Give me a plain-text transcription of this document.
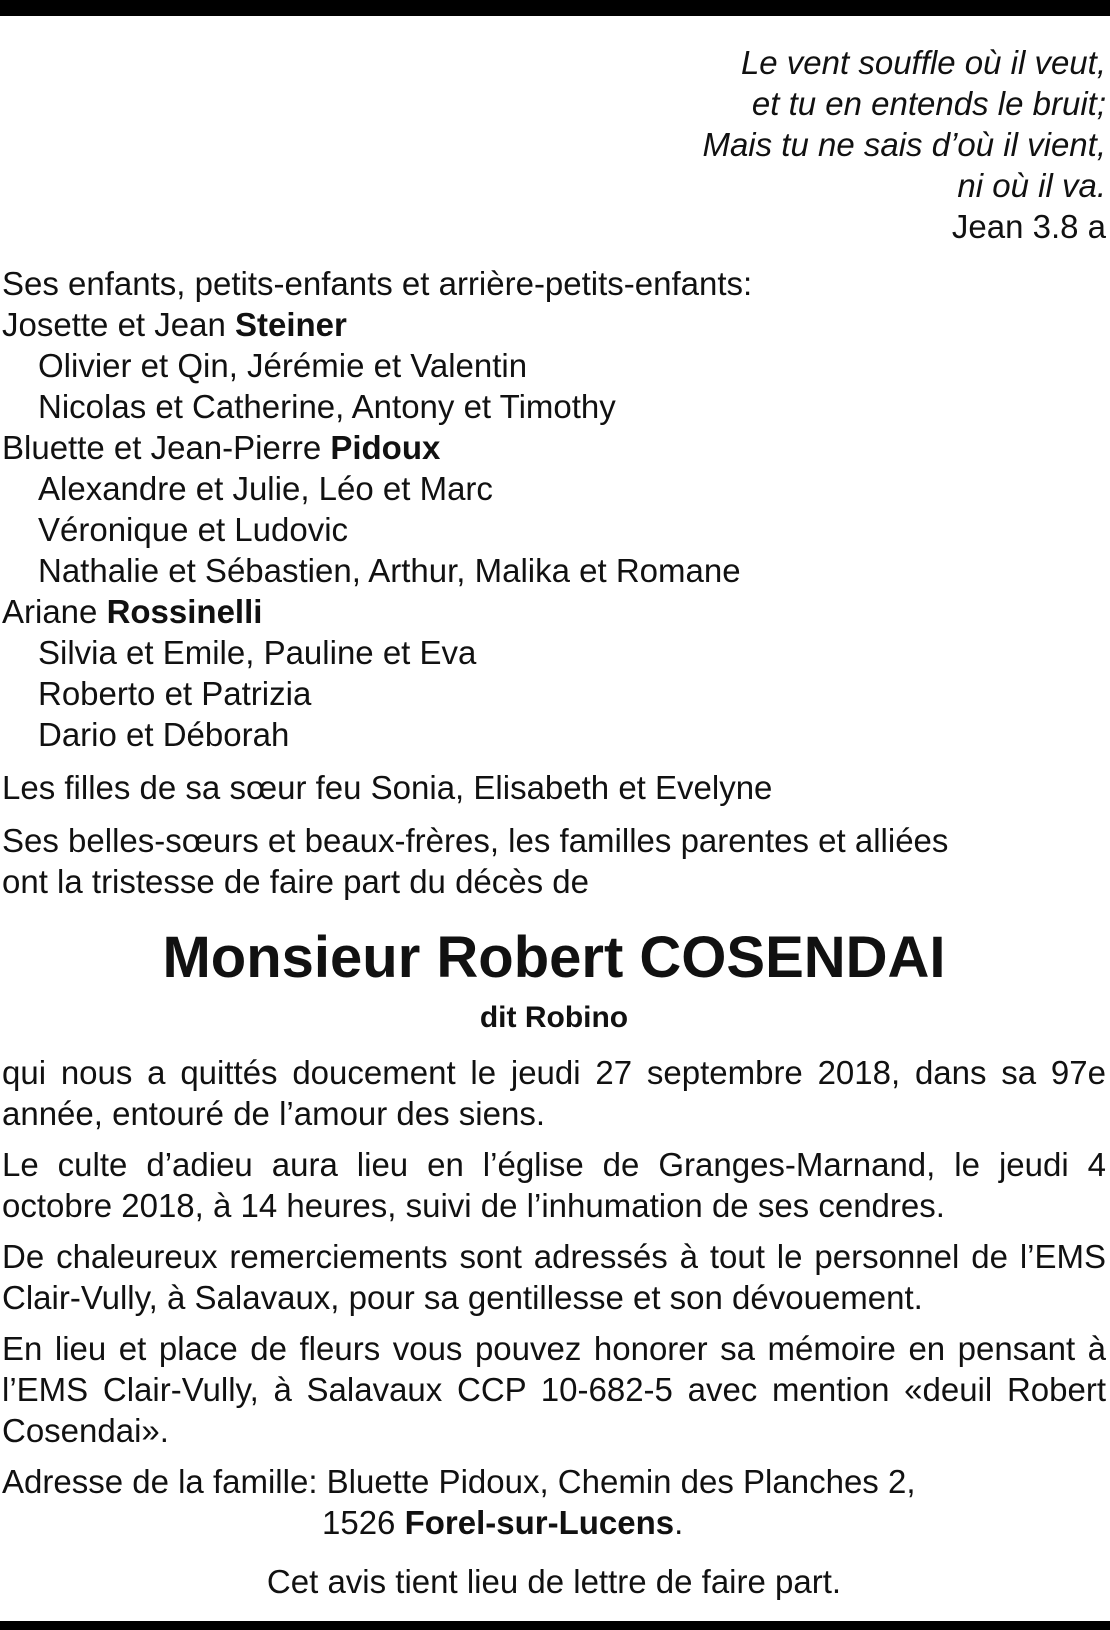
Le vent souffle où il veut,
et tu en entends le bruit;
Mais tu ne sais d’où il vient,
ni où il va.
Jean 3.8 a
Ses enfants, petits-enfants et arrière-petits-enfants:
Josette et Jean Steiner
Olivier et Qin, Jérémie et Valentin
Nicolas et Catherine, Antony et Timothy
Bluette et Jean-Pierre Pidoux
Alexandre et Julie, Léo et Marc
Véronique et Ludovic
Nathalie et Sébastien, Arthur, Malika et Romane
Ariane Rossinelli
Silvia et Emile, Pauline et Eva
Roberto et Patrizia
Dario et Déborah
Les filles de sa sœur feu Sonia, Elisabeth et Evelyne
Ses belles-sœurs et beaux-frères, les familles parentes et alliées
ont la tristesse de faire part du décès de
Monsieur Robert COSENDAI
dit Robino
qui nous a quittés doucement le jeudi 27 septembre 2018, dans sa 97e année, entouré de l’amour des siens.
Le culte d’adieu aura lieu en l’église de Granges-Marnand, le jeudi 4 octobre 2018, à 14 heures, suivi de l’inhumation de ses cendres.
De chaleureux remerciements sont adressés à tout le personnel de l’EMS Clair-Vully, à Salavaux, pour sa gentillesse et son dévouement.
En lieu et place de fleurs vous pouvez honorer sa mémoire en pensant à l’EMS Clair-Vully, à Salavaux CCP 10-682-5 avec mention «deuil Robert Cosendai».
Adresse de la famille: Bluette Pidoux, Chemin des Planches 2,
1526 Forel-sur-Lucens.
Cet avis tient lieu de lettre de faire part.
